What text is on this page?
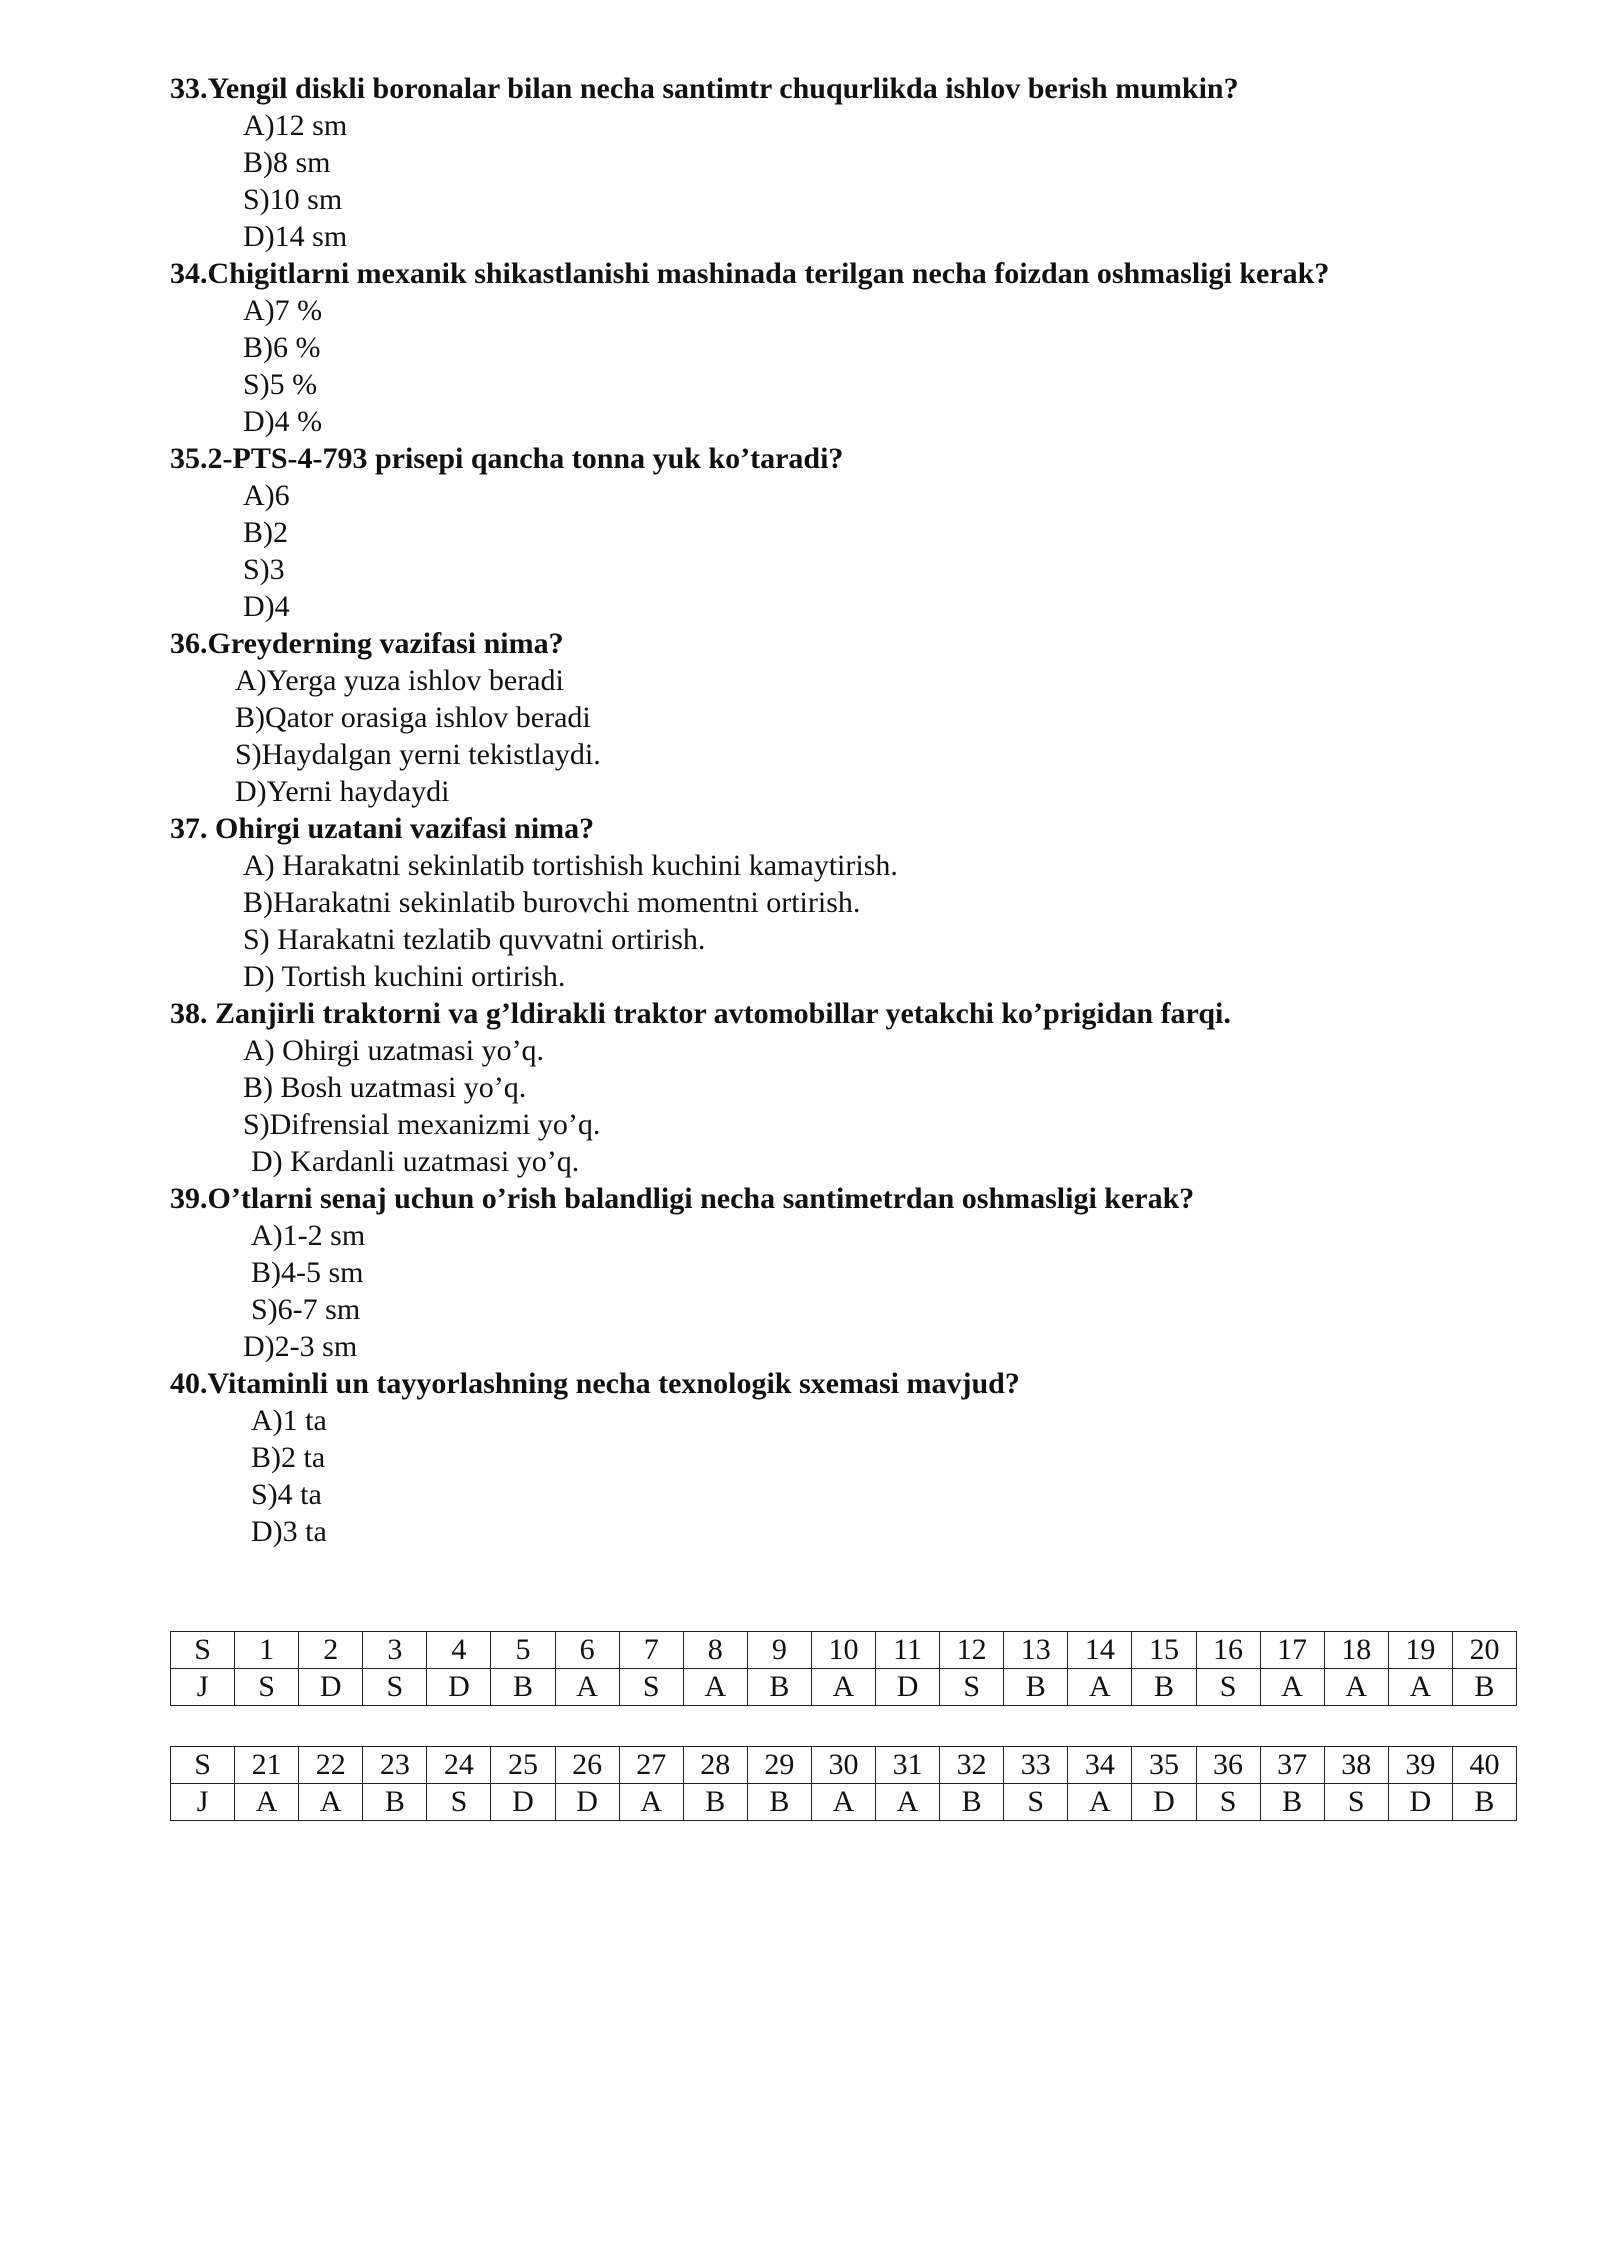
33.Yengil diskli boronalar bilan necha santimtr chuqurlikda ishlov berish mumkin?

A)12 sm
B)8 sm
S)10 sm
D)14 sm

34.Chigitlarni mexanik shikastlanishi mashinada terilgan necha foizdan oshmasligi kerak?

A)7 %
B)6 %
S)5 %
D)4 %

35.2-PTS-4-793 prisepi qancha tonna yuk ko’taradi?

A)6
B)2
S)3
D)4

36.Greyderning vazifasi nima?

A)Yerga yuza ishlov beradi
B)Qator orasiga ishlov beradi
S)Haydalgan yerni tekistlaydi.
D)Yerni haydaydi

37. Ohirgi uzatani vazifasi nima?

A) Harakatni sekinlatib tortishish kuchini kamaytirish.
B)Harakatni sekinlatib burovchi momentni ortirish.
S) Harakatni tezlatib quvvatni ortirish.
D) Tortish kuchini ortirish.

38. Zanjirli traktorni va g’ldirakli traktor avtomobillar yetakchi ko’prigidan farqi.

A) Ohirgi uzatmasi yo’q.
B) Bosh uzatmasi yo’q.
S)Difrensial mexanizmi yo’q.
D) Kardanli uzatmasi yo’q.

39.O’tlarni senaj uchun o’rish balandligi necha santimetrdan oshmasligi kerak?

A)1-2 sm
B)4-5 sm
S)6-7 sm
D)2-3 sm

40.Vitaminli un tayyorlashning necha texnologik sxemasi mavjud?

A)1 ta
B)2 ta
S)4 ta
D)3 ta
S	1	2	3	4	5	6	7	8	9	10	11	12	13	14	15	16	17	18	19	20
J	S	D	S	D	B	A	S	A	B	A	D	S	B	A	B	S	A	A	A	B
S	21	22	23	24	25	26	27	28	29	30	31	32	33	34	35	36	37	38	39	40
J	A	A	B	S	D	D	A	B	B	A	A	B	S	A	D	S	B	S	D	B
